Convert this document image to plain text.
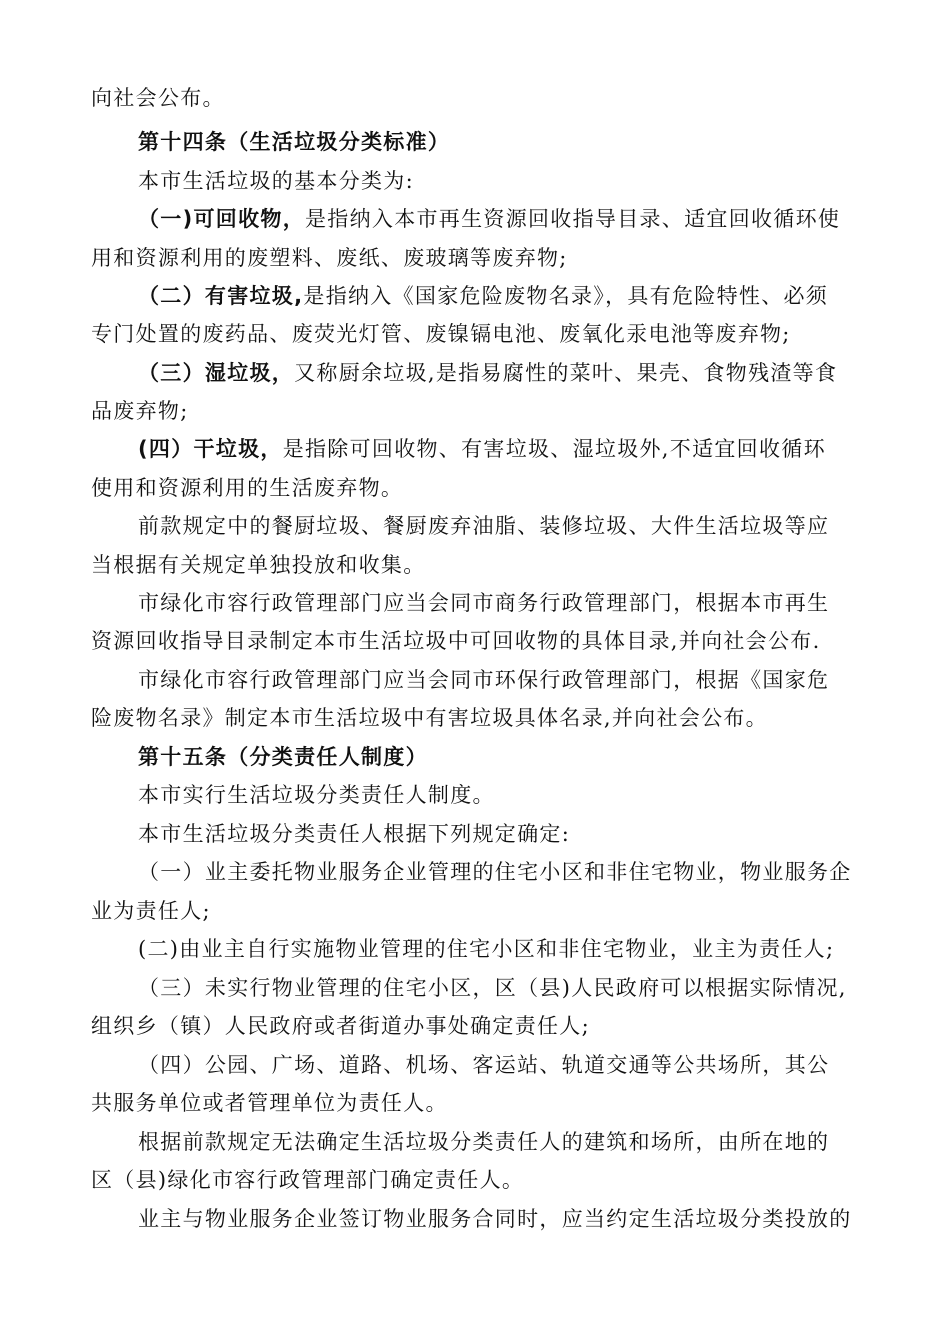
向社会公布。
第十四条（生活垃圾分类标准）
本市生活垃圾的基本分类为:
（一)可回收物，是指纳入本市再生资源回收指导目录、适宜回收循环使
用和资源利用的废塑料、废纸、废玻璃等废弃物;
（二）有害垃圾,是指纳入《国家危险废物名录》，具有危险特性、必须
专门处置的废药品、废荧光灯管、废镍镉电池、废氧化汞电池等废弃物;
（三）湿垃圾，又称厨余垃圾,是指易腐性的菜叶、果壳、食物残渣等食
品废弃物;
(四）干垃圾，是指除可回收物、有害垃圾、湿垃圾外,不适宜回收循环
使用和资源利用的生活废弃物。
前款规定中的餐厨垃圾、餐厨废弃油脂、装修垃圾、大件生活垃圾等应
当根据有关规定单独投放和收集。
市绿化市容行政管理部门应当会同市商务行政管理部门，根据本市再生
资源回收指导目录制定本市生活垃圾中可回收物的具体目录,并向社会公布.
市绿化市容行政管理部门应当会同市环保行政管理部门，根据《国家危
险废物名录》制定本市生活垃圾中有害垃圾具体名录,并向社会公布。
第十五条（分类责任人制度）
本市实行生活垃圾分类责任人制度。
本市生活垃圾分类责任人根据下列规定确定:
（一）业主委托物业服务企业管理的住宅小区和非住宅物业，物业服务企
业为责任人;
(二)由业主自行实施物业管理的住宅小区和非住宅物业，业主为责任人;
（三）未实行物业管理的住宅小区，区（县)人民政府可以根据实际情况,
组织乡（镇）人民政府或者街道办事处确定责任人;
（四）公园、广场、道路、机场、客运站、轨道交通等公共场所，其公
共服务单位或者管理单位为责任人。
根据前款规定无法确定生活垃圾分类责任人的建筑和场所，由所在地的
区（县)绿化市容行政管理部门确定责任人。
业主与物业服务企业签订物业服务合同时，应当约定生活垃圾分类投放的
